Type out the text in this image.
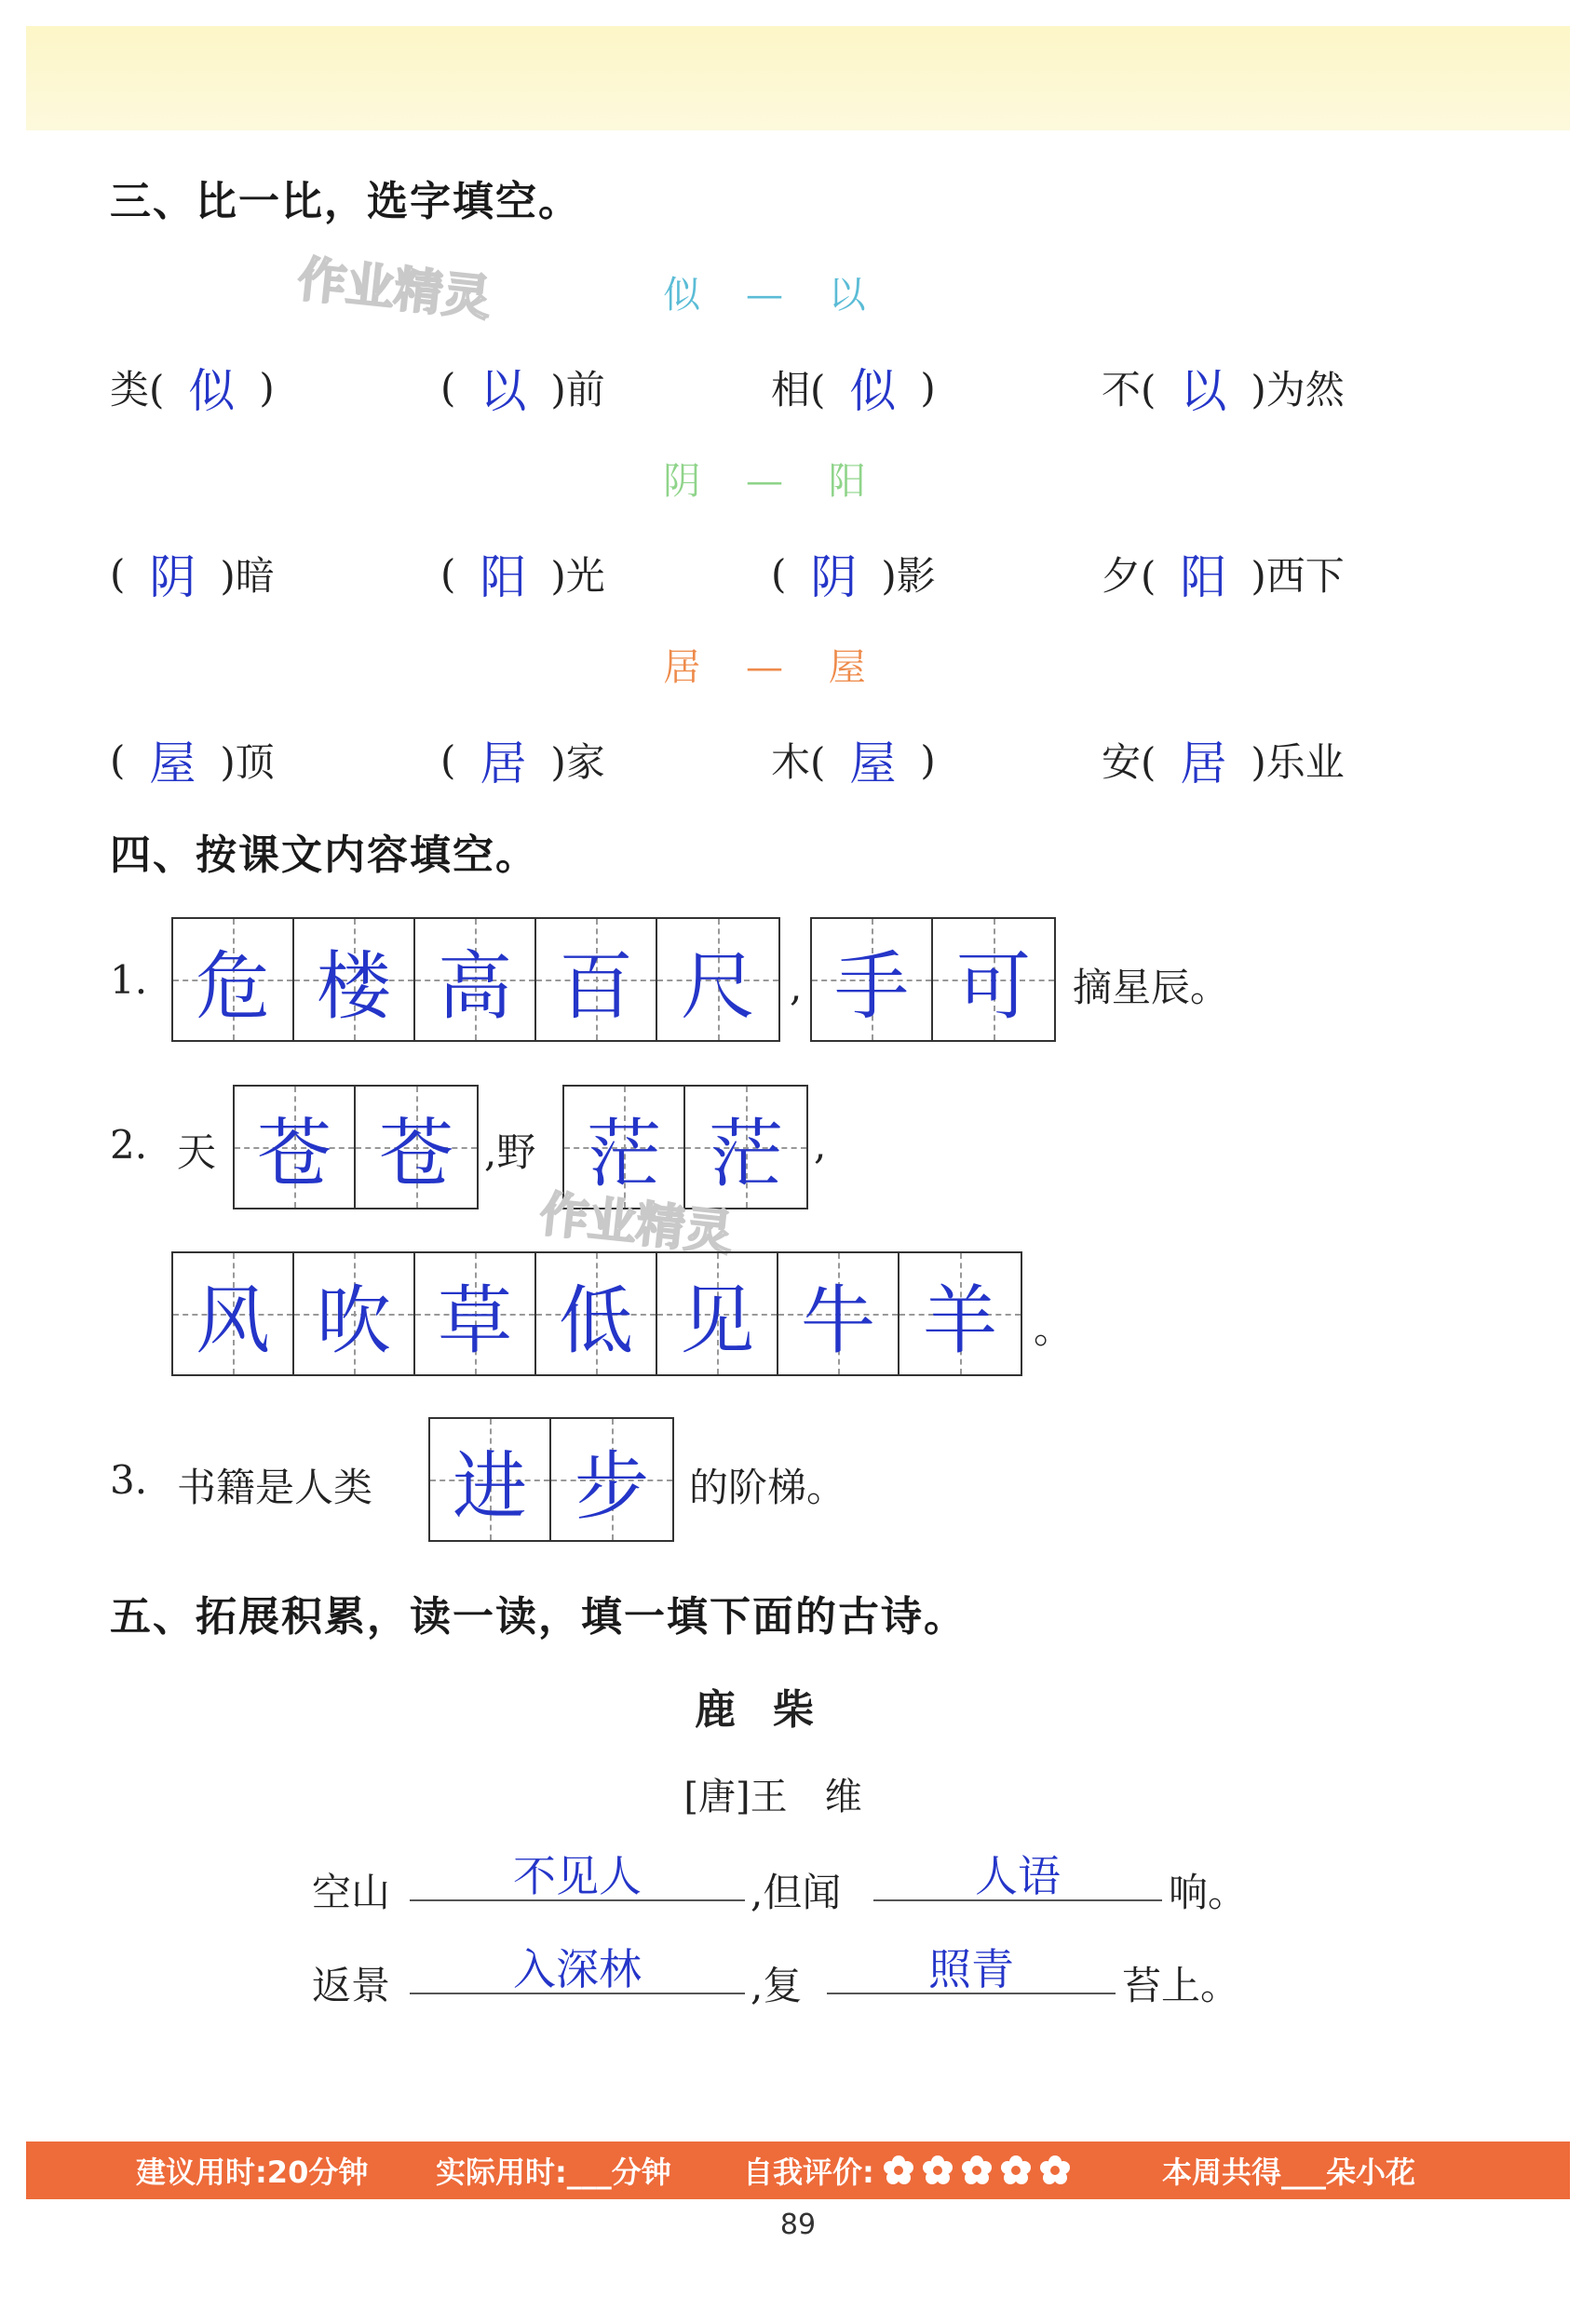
三、比一比，选字填空。
作业精灵	似 — 以
类( 似 )	( 以 )前	相( 似 )	不( 以 )为然
阴 — 阳
( 阴 )暗	( 阳 )光	( 阴 )影	夕( 阳 )西下
居 — 屋
( 屋 )顶	( 居 )家	木( 屋 )	安( 居 )乐业
四、按课文内容填空。
1. 危 楼 高 百 尺 , 手 可 摘星辰。
2. 天 苍 苍 ,野 茫 茫 ,
作业精灵
风 吹 草 低 见 牛 羊 。
3. 书籍是人类 进 步 的阶梯。
五、拓展积累，读一读，填一填下面的古诗。
鹿柴
[唐]王　维
空山	不见人	,但闻	人语	响。
返景	入深林	,复	照青	苔上。
建议用时:20分钟 实际用时:___分钟 自我评价:	本周共得___朵小花
89
